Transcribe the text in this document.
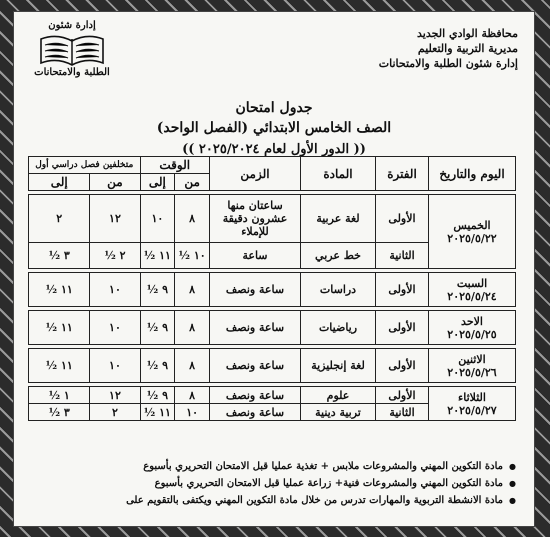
إدارة شئون
الطلبة والامتحانات
محافظة الوادي الجديد
مديرية التربية والتعليم
إدارة شئون الطلبة والامتحانات
جدول امتحان
الصف الخامس الابتدائي (الفصل الواحد)
(( الدور الأول لعام ٢٠٢٥/٢٠٢٤ ))
اليوم والتاريخ	الفترة	المادة	الزمن	الوقت		متخلفين فصل دراسي أول	
				من	إلى	من	إلى

الخميس
٢٠٢٥/٥/٢٢	الأولى	لغة عربية	ساعتان منها عشرون دقيقة للإملاء	٨	١٠	١٢	٢
	الثانية	خط عربي	ساعة	١٠ ½	١١ ½	٢ ½	٣ ½

السبت
٢٠٢٥/٥/٢٤	الأولى	دراسات	ساعة ونصف	٨	٩ ½	١٠	١١ ½

الاحد
٢٠٢٥/٥/٢٥	الأولى	رياضيات	ساعة ونصف	٨	٩ ½	١٠	١١ ½

الاثنين
٢٠٢٥/٥/٢٦	الأولى	لغة إنجليزية	ساعة ونصف	٨	٩ ½	١٠	١١ ½

الثلاثاء
٢٠٢٥/٥/٢٧	الأولى	علوم	ساعة ونصف	٨	٩ ½	١٢	١ ½
	الثانية	تربية دينية	ساعة ونصف	١٠	١١ ½	٢	٣ ½
● مادة التكوين المهني والمشروعات ملابس + تغذية عمليا قبل الامتحان التحريري بأسبوع
● مادة التكوين المهني والمشروعات فنية+ زراعة عمليا قبل الامتحان التحريري بأسبوع
● مادة الانشطة التربوية والمهارات تدرس من خلال مادة التكوين المهني ويكتفى بالتقويم على
